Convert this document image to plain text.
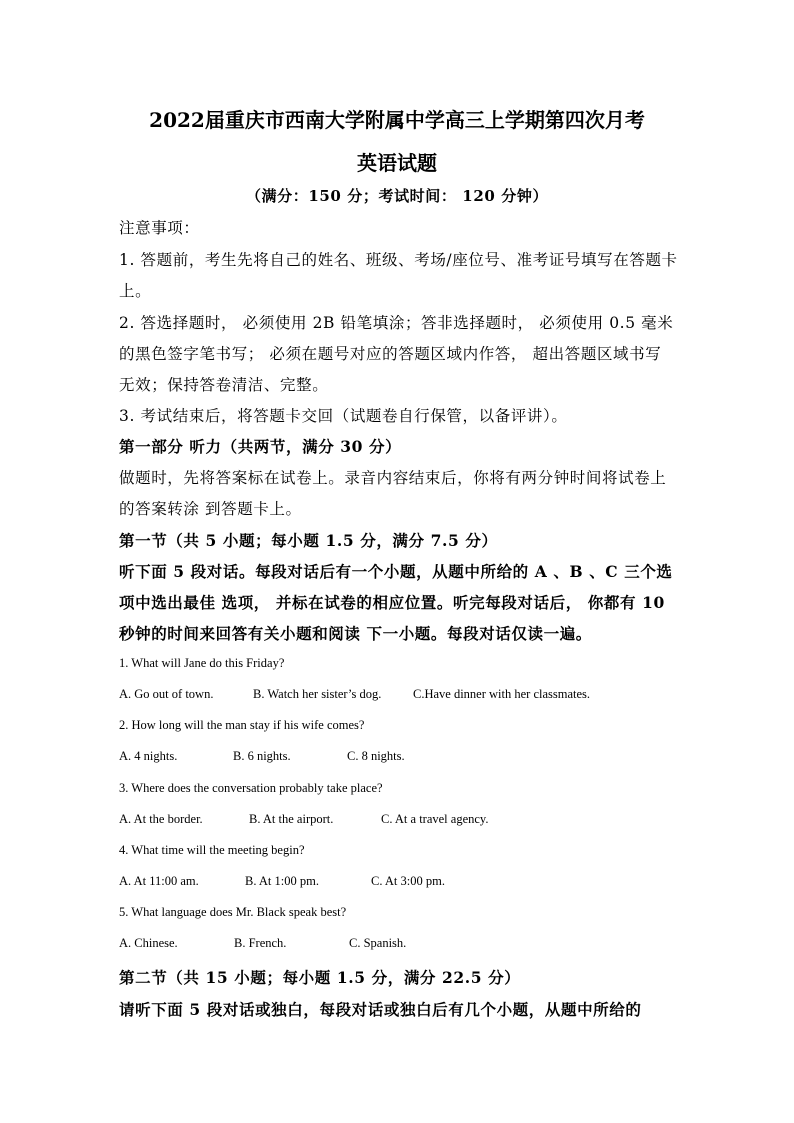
2022届重庆市西南大学附属中学高三上学期第四次月考
英语试题
（满分：150 分；考试时间： 120 分钟）
注意事项：
1. 答题前，考生先将自己的姓名、班级、考场/座位号、准考证号填写在答题卡
上。
2. 答选择题时， 必须使用 2B 铅笔填涂；答非选择题时， 必须使用 0.5 毫米
的黑色签字笔书写； 必须在题号对应的答题区域内作答， 超出答题区域书写
无效；保持答卷清洁、完整。
3. 考试结束后，将答题卡交回（试题卷自行保管，以备评讲）。
第一部分 听力（共两节，满分 30 分）
做题时，先将答案标在试卷上。录音内容结束后，你将有两分钟时间将试卷上
的答案转涂 到答题卡上。
第一节（共 5 小题；每小题 1.5 分，满分 7.5 分）
听下面 5 段对话。每段对话后有一个小题，从题中所给的 A 、B 、C 三个选
项中选出最佳 选项， 并标在试卷的相应位置。听完每段对话后， 你都有 10
秒钟的时间来回答有关小题和阅读 下一小题。每段对话仅读一遍。
1. What will Jane do this Friday?
A. Go out of town.	B. Watch her sister’s dog.	C.Have dinner with her classmates.
2. How long will the man stay if his wife comes?
A. 4 nights.	B. 6 nights.	C. 8 nights.
3. Where does the conversation probably take place?
A. At the border.	B. At the airport.	C. At a travel agency.
4. What time will the meeting begin?
A. At 11:00 am.	B. At 1:00 pm.	C. At 3:00 pm.
5. What language does Mr. Black speak best?
A. Chinese.	B. French.	C. Spanish.
第二节（共 15 小题；每小题 1.5 分，满分 22.5 分）
请听下面 5 段对话或独白，每段对话或独白后有几个小题，从题中所给的
